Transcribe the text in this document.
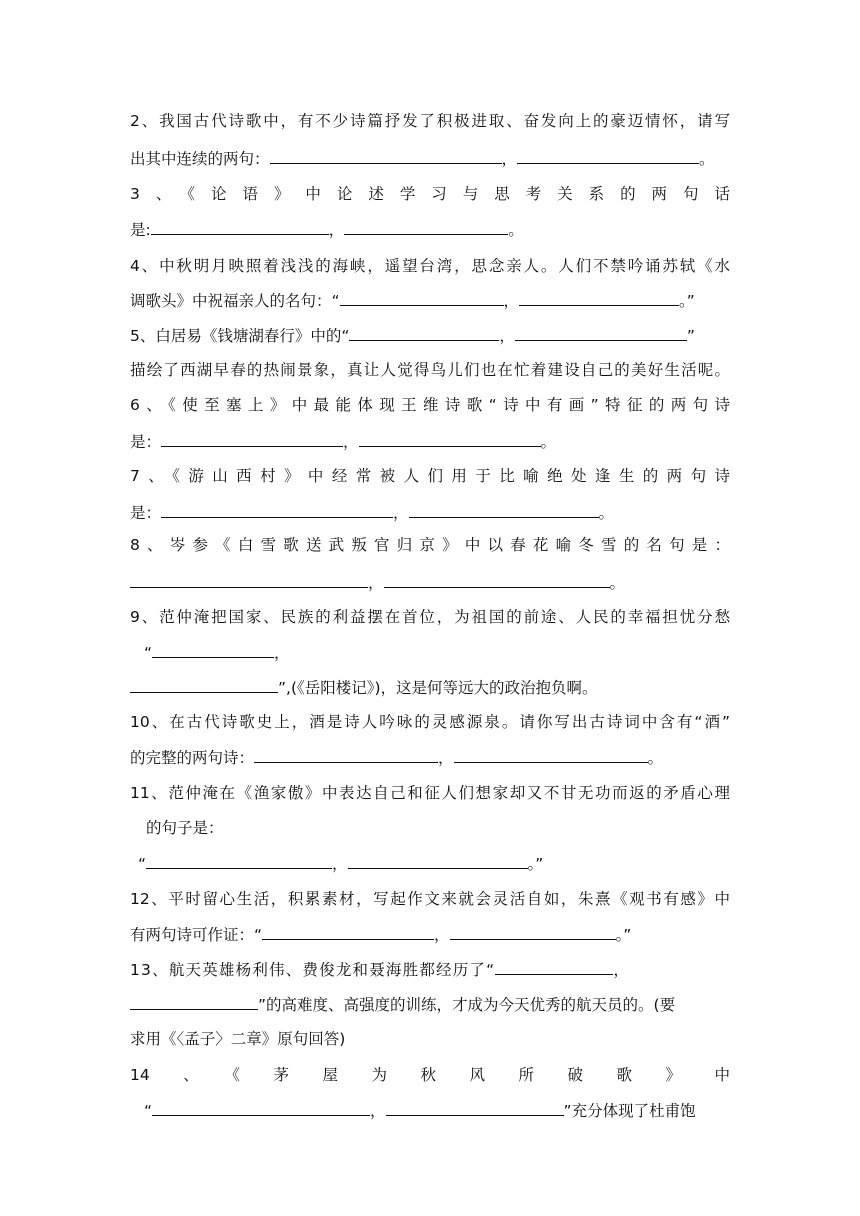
2、我国古代诗歌中，有不少诗篇抒发了积极进取、奋发向上的豪迈情怀，请写
出其中连续的两句：	，	。
3、《论语》中论述学习与思考关系的两句话
是:	，	。
4、中秋明月映照着浅浅的海峡，遥望台湾，思念亲人。人们不禁吟诵苏轼《水
调歌头》中祝福亲人的名句：“	，	。”
5、白居易《钱塘湖春行》中的“	，	”
描绘了西湖早春的热闹景象，真让人觉得鸟儿们也在忙着建设自己的美好生活呢。
6、《使至塞上》中最能体现王维诗歌“诗中有画”特征的两句诗
是：	，	。
7、《游山西村》中经常被人们用于比喻绝处逢生的两句诗
是：	，	。
8、岑参《白雪歌送武叛官归京》中以春花喻冬雪的名句是：
，	。
9、范仲淹把国家、民族的利益摆在首位，为祖国的前途、人民的幸福担忧分愁
“	，
”,(《岳阳楼记》)，这是何等远大的政治抱负啊。
10、在古代诗歌史上，酒是诗人吟咏的灵感源泉。请你写出古诗词中含有“酒”
的完整的两句诗：	，	。
11、范仲淹在《渔家傲》中表达自己和征人们想家却又不甘无功而返的矛盾心理
的句子是：
“	，	。”
12、平时留心生活，积累素材，写起作文来就会灵活自如，朱熹《观书有感》中
有两句诗可作证：“	，	。”
13、航天英雄杨利伟、费俊龙和聂海胜都经历了“	，
”的高难度、高强度的训练，才成为今天优秀的航天员的。(要
求用《〈孟子〉二章》原句回答)
14、《茅屋为秋风所破歌》中
“	，	”充分体现了杜甫饱
